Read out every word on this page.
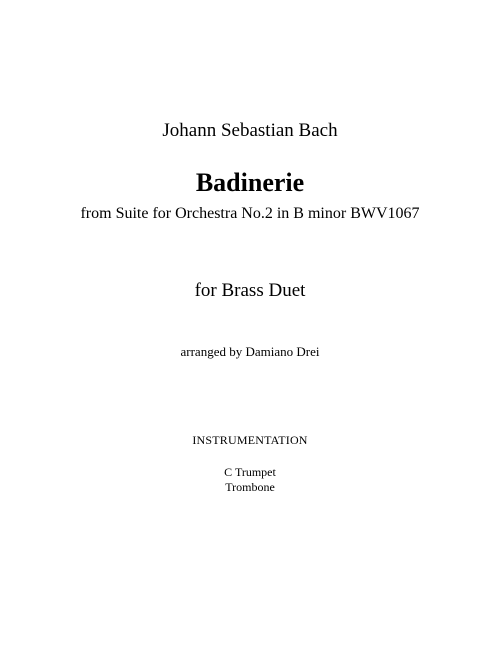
Johann Sebastian Bach
Badinerie
from Suite for Orchestra No.2 in B minor BWV1067
for Brass Duet
arranged by Damiano Drei
INSTRUMENTATION
C Trumpet
Trombone
